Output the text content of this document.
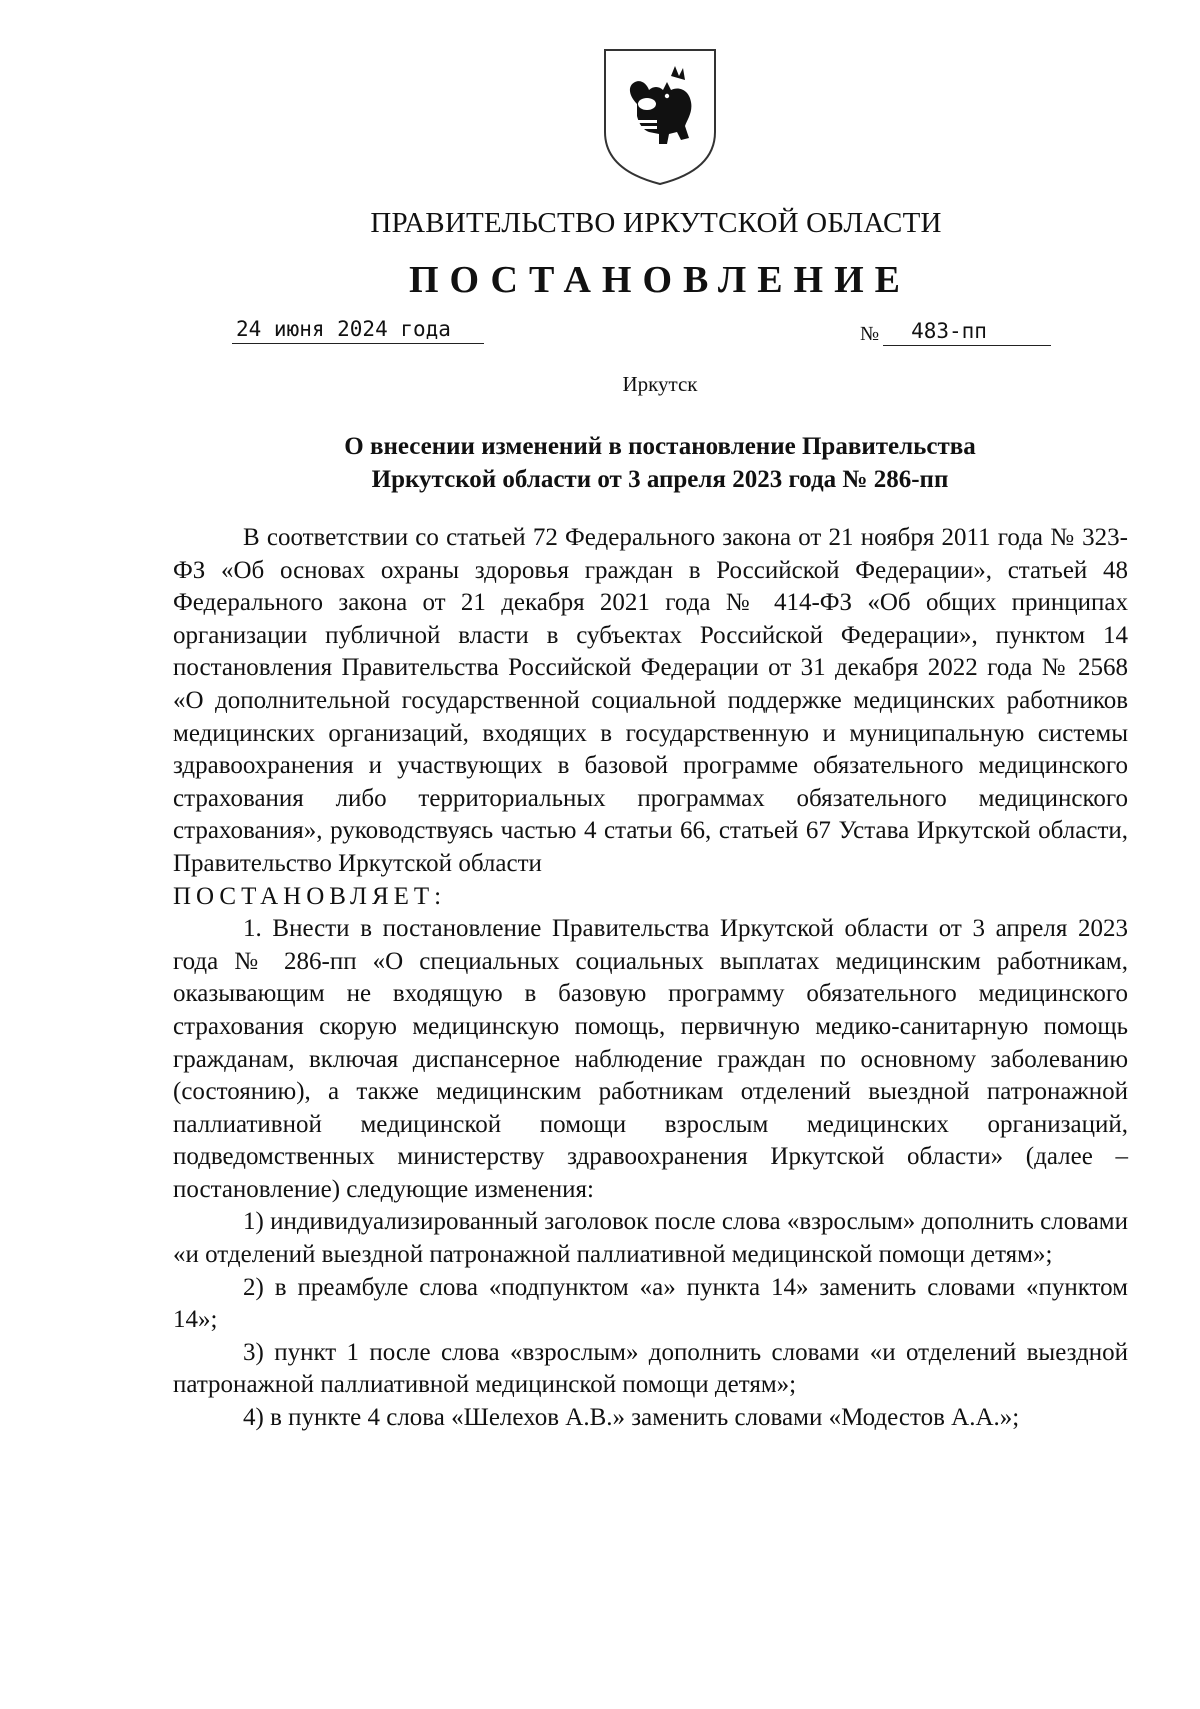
ПРАВИТЕЛЬСТВО ИРКУТСКОЙ ОБЛАСТИ
ПОСТАНОВЛЕНИЕ
24 июня 2024 года	№ 483-пп
Иркутск
О внесении изменений в постановление Правительства
Иркутской области от 3 апреля 2023 года № 286-пп

В соответствии со статьей 72 Федерального закона от 21 ноября 2011 года № 323-ФЗ «Об основах охраны здоровья граждан в Российской Федерации», статьей 48 Федерального закона от 21 декабря 2021 года № 414-ФЗ «Об общих принципах организации публичной власти в субъектах Российской Федерации», пунктом 14 постановления Правительства Российской Федерации от 31 декабря 2022 года № 2568 «О дополнительной государственной социальной поддержке медицинских работников медицинских организаций, входящих в государственную и муниципальную системы здравоохранения и участвующих в базовой программе обязательного медицинского страхования либо территориальных программах обязательного медицинского страхования», руководствуясь частью 4 статьи 66, статьей 67 Устава Иркутской области, Правительство Иркутской области

ПОСТАНОВЛЯЕТ:

1. Внести в постановление Правительства Иркутской области от 3 апреля 2023 года № 286-пп «О специальных социальных выплатах медицинским работникам, оказывающим не входящую в базовую программу обязательного медицинского страхования скорую медицинскую помощь, первичную медико-санитарную помощь гражданам, включая диспансерное наблюдение граждан по основному заболеванию (состоянию), а также медицинским работникам отделений выездной патронажной паллиативной медицинской помощи взрослым медицинских организаций, подведомственных министерству здравоохранения Иркутской области» (далее – постановление) следующие изменения:

1) индивидуализированный заголовок после слова «взрослым» дополнить словами «и отделений выездной патронажной паллиативной медицинской помощи детям»;

2) в преамбуле слова «подпунктом «а» пункта 14» заменить словами «пунктом 14»;

3) пункт 1 после слова «взрослым» дополнить словами «и отделений выездной патронажной паллиативной медицинской помощи детям»;

4) в пункте 4 слова «Шелехов А.В.» заменить словами «Модестов А.А.»;
